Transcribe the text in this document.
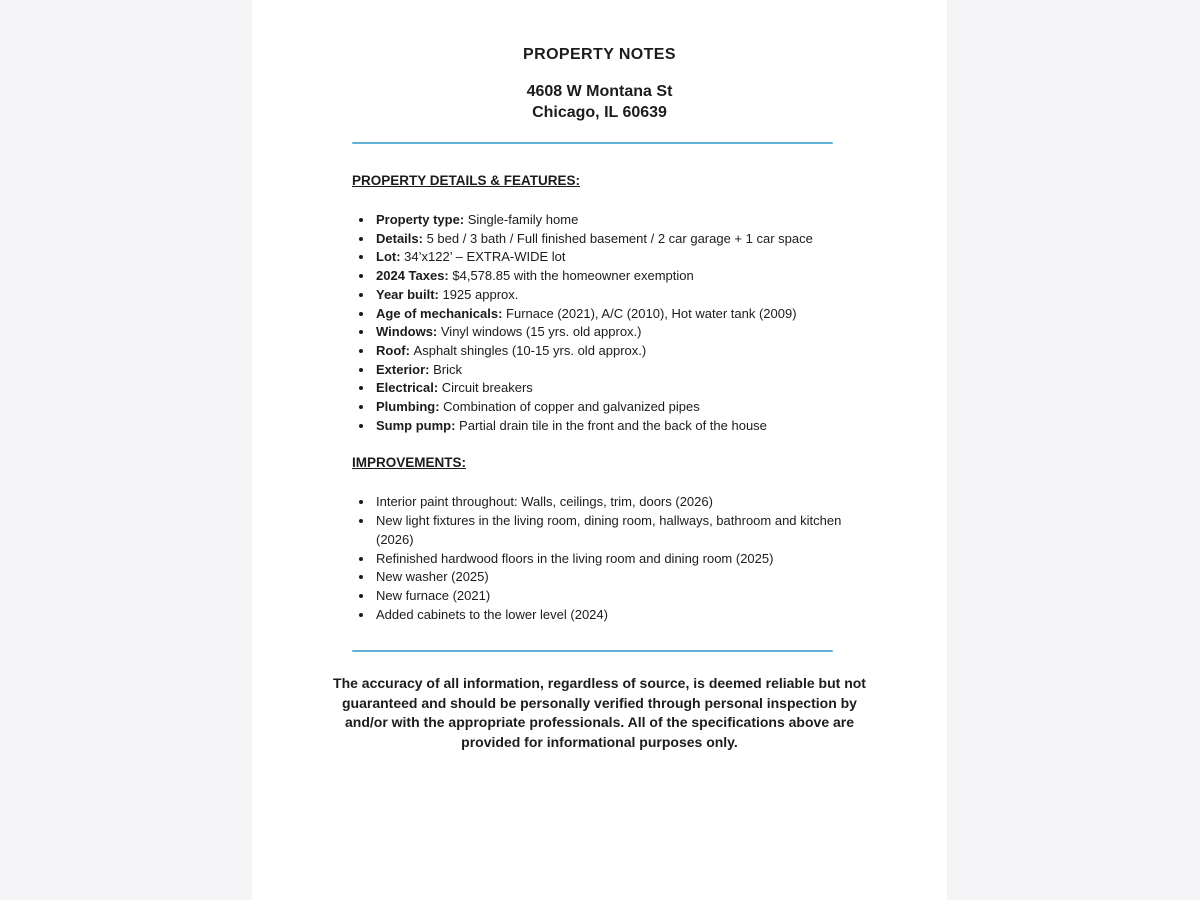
PROPERTY NOTES
4608 W Montana St
Chicago, IL 60639
PROPERTY DETAILS & FEATURES:
• Property type: Single-family home
• Details: 5 bed / 3 bath / Full finished basement / 2 car garage + 1 car space
• Lot: 34’x122’ – EXTRA-WIDE lot
• 2024 Taxes: $4,578.85 with the homeowner exemption
• Year built: 1925 approx.
• Age of mechanicals: Furnace (2021), A/C (2010), Hot water tank (2009)
• Windows: Vinyl windows (15 yrs. old approx.)
• Roof: Asphalt shingles (10-15 yrs. old approx.)
• Exterior: Brick
• Electrical: Circuit breakers
• Plumbing: Combination of copper and galvanized pipes
• Sump pump: Partial drain tile in the front and the back of the house
IMPROVEMENTS:
• Interior paint throughout: Walls, ceilings, trim, doors (2026)
• New light fixtures in the living room, dining room, hallways, bathroom and kitchen (2026)
• Refinished hardwood floors in the living room and dining room (2025)
• New washer (2025)
• New furnace (2021)
• Added cabinets to the lower level (2024)

The accuracy of all information, regardless of source, is deemed reliable but not guaranteed and should be personally verified through personal inspection by and/or with the appropriate professionals. All of the specifications above are provided for informational purposes only.
